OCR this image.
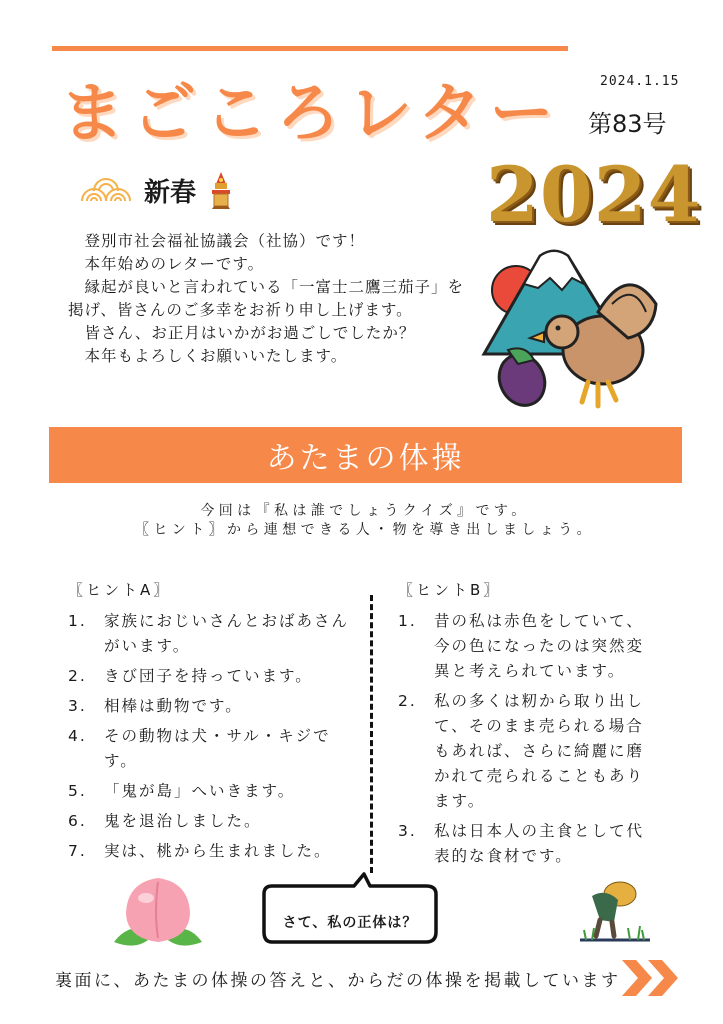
まごころレター	2024.1.15
第83号
2024
新春

　登別市社会福祉協議会（社協）です！

　本年始めのレターです。

　縁起が良いと言われている「一富士二鷹三茄子」を掲げ、皆さんのご多幸をお祈り申し上げます。

　皆さん、お正月はいかがお過ごしでしたか？

　本年もよろしくお願いいたします。

あたまの体操

今回は『私は誰でしょうクイズ』です。

〖ヒント〗から連想できる人・物を導き出しましょう。

〖ヒントA〗
1.	家族におじいさんとおばあさんがいます。
2.	きび団子を持っています。
3.	相棒は動物です。
4.	その動物は犬・サル・キジです。
5.	「鬼が島」へいきます。
6.	鬼を退治しました。
7.	実は、桃から生まれました。
〖ヒントB〗
1.	昔の私は赤色をしていて、今の色になったのは突然変異と考えられています。
2.	私の多くは籾から取り出して、そのまま売られる場合もあれば、さらに綺麗に磨かれて売られることもあります。
3.	私は日本人の主食として代表的な食材です。
さて、私の正体は？
裏面に、あたまの体操の答えと、からだの体操を掲載しています
